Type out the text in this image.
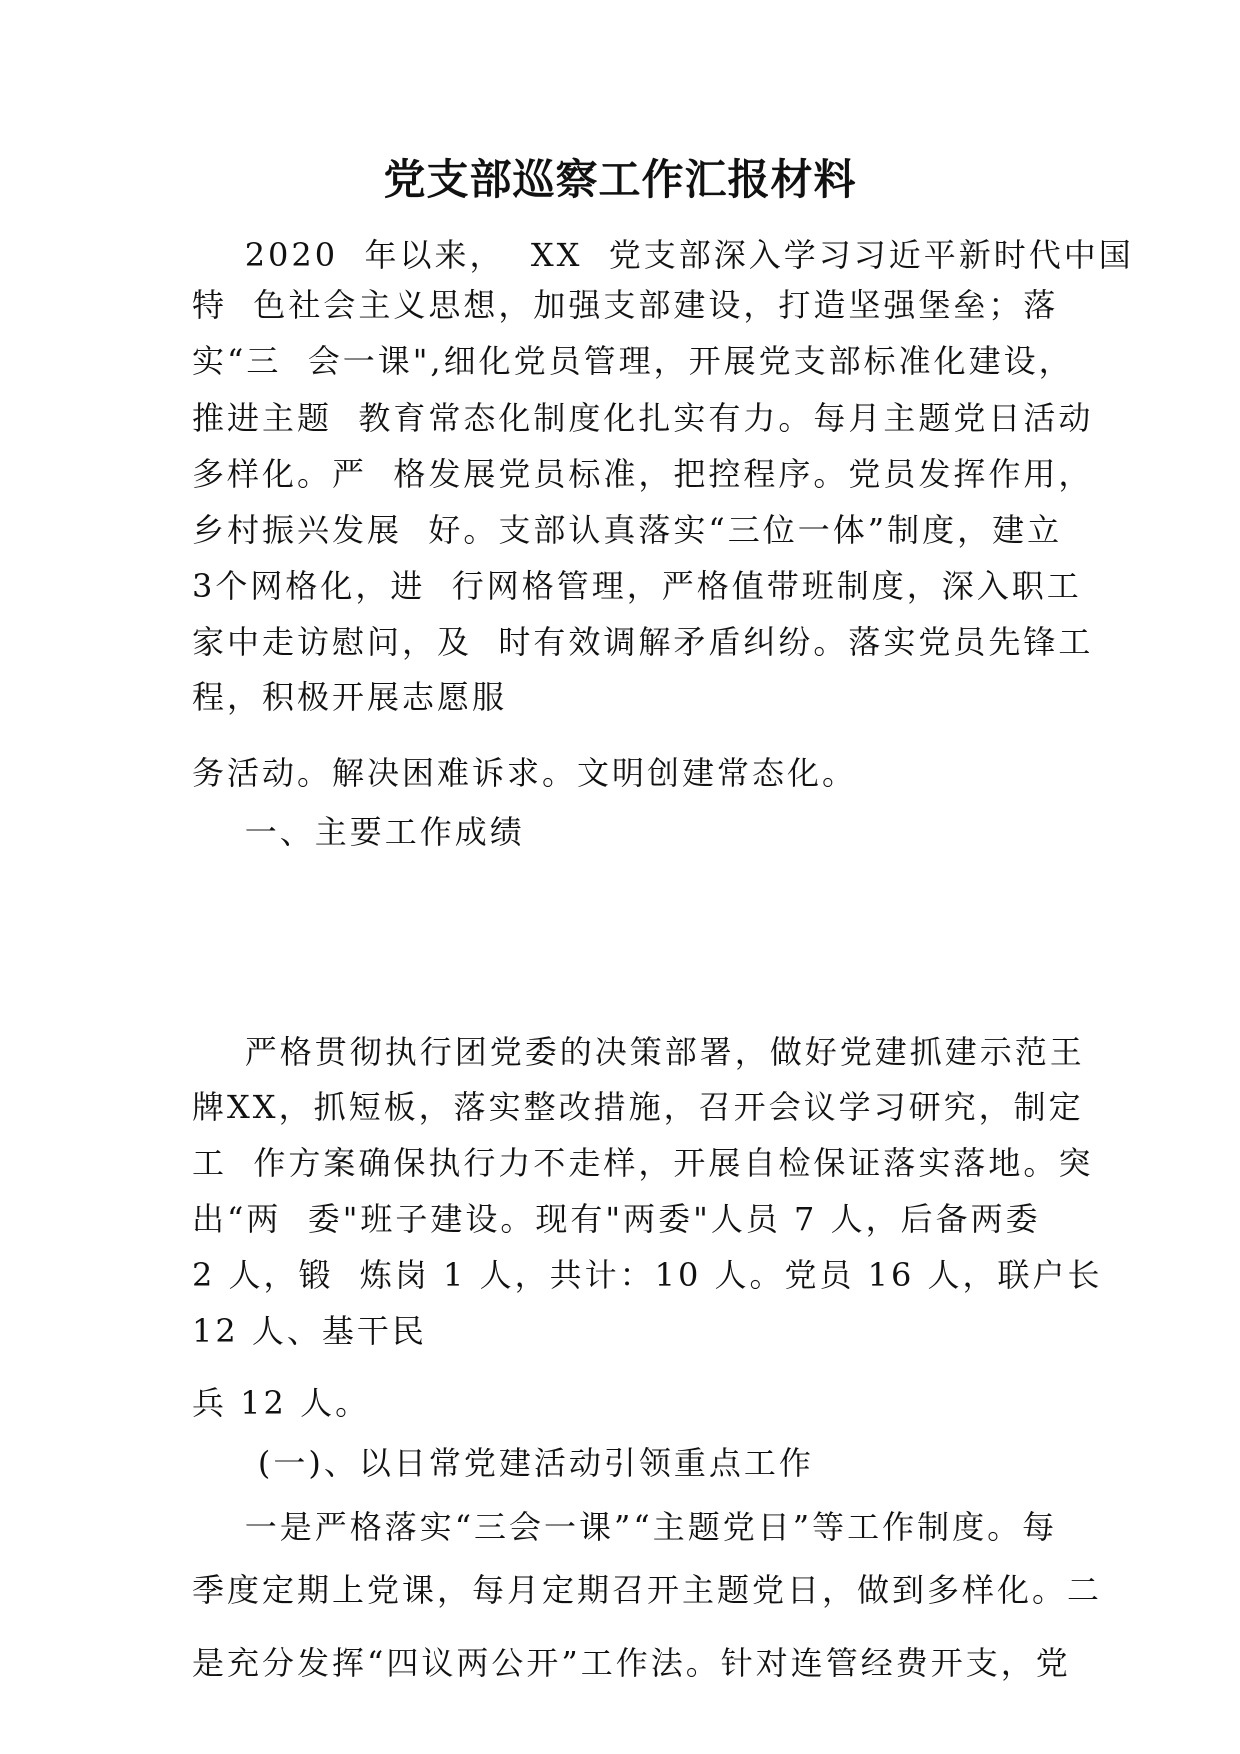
党支部巡察工作汇报材料
2020  年以来，  XX  党支部深入学习习近平新时代中国
特  色社会主义思想，加强支部建设，打造坚强堡垒；落
实“三  会一课",细化党员管理，开展党支部标准化建设，
推进主题  教育常态化制度化扎实有力。每月主题党日活动
多样化。严  格发展党员标准，把控程序。党员发挥作用，
乡村振兴发展  好。支部认真落实“三位一体”制度，建立
3个网格化，进  行网格管理，严格值带班制度，深入职工
家中走访慰问，及  时有效调解矛盾纠纷。落实党员先锋工
程，积极开展志愿服
务活动。解决困难诉求。文明创建常态化。
一、主要工作成绩
严格贯彻执行团党委的决策部署，做好党建抓建示范王
牌XX，抓短板，落实整改措施，召开会议学习研究，制定
工  作方案确保执行力不走样，开展自检保证落实落地。突
出“两  委"班子建设。现有"两委"人员 7 人，后备两委
2 人，锻  炼岗 1 人，共计：10 人。党员 16 人，联户长
12 人、基干民
兵 12 人。
(一)、以日常党建活动引领重点工作
一是严格落实“三会一课”“主题党日”等工作制度。每
季度定期上党课，每月定期召开主题党日，做到多样化。二
是充分发挥“四议两公开”工作法。针对连管经费开支，党
